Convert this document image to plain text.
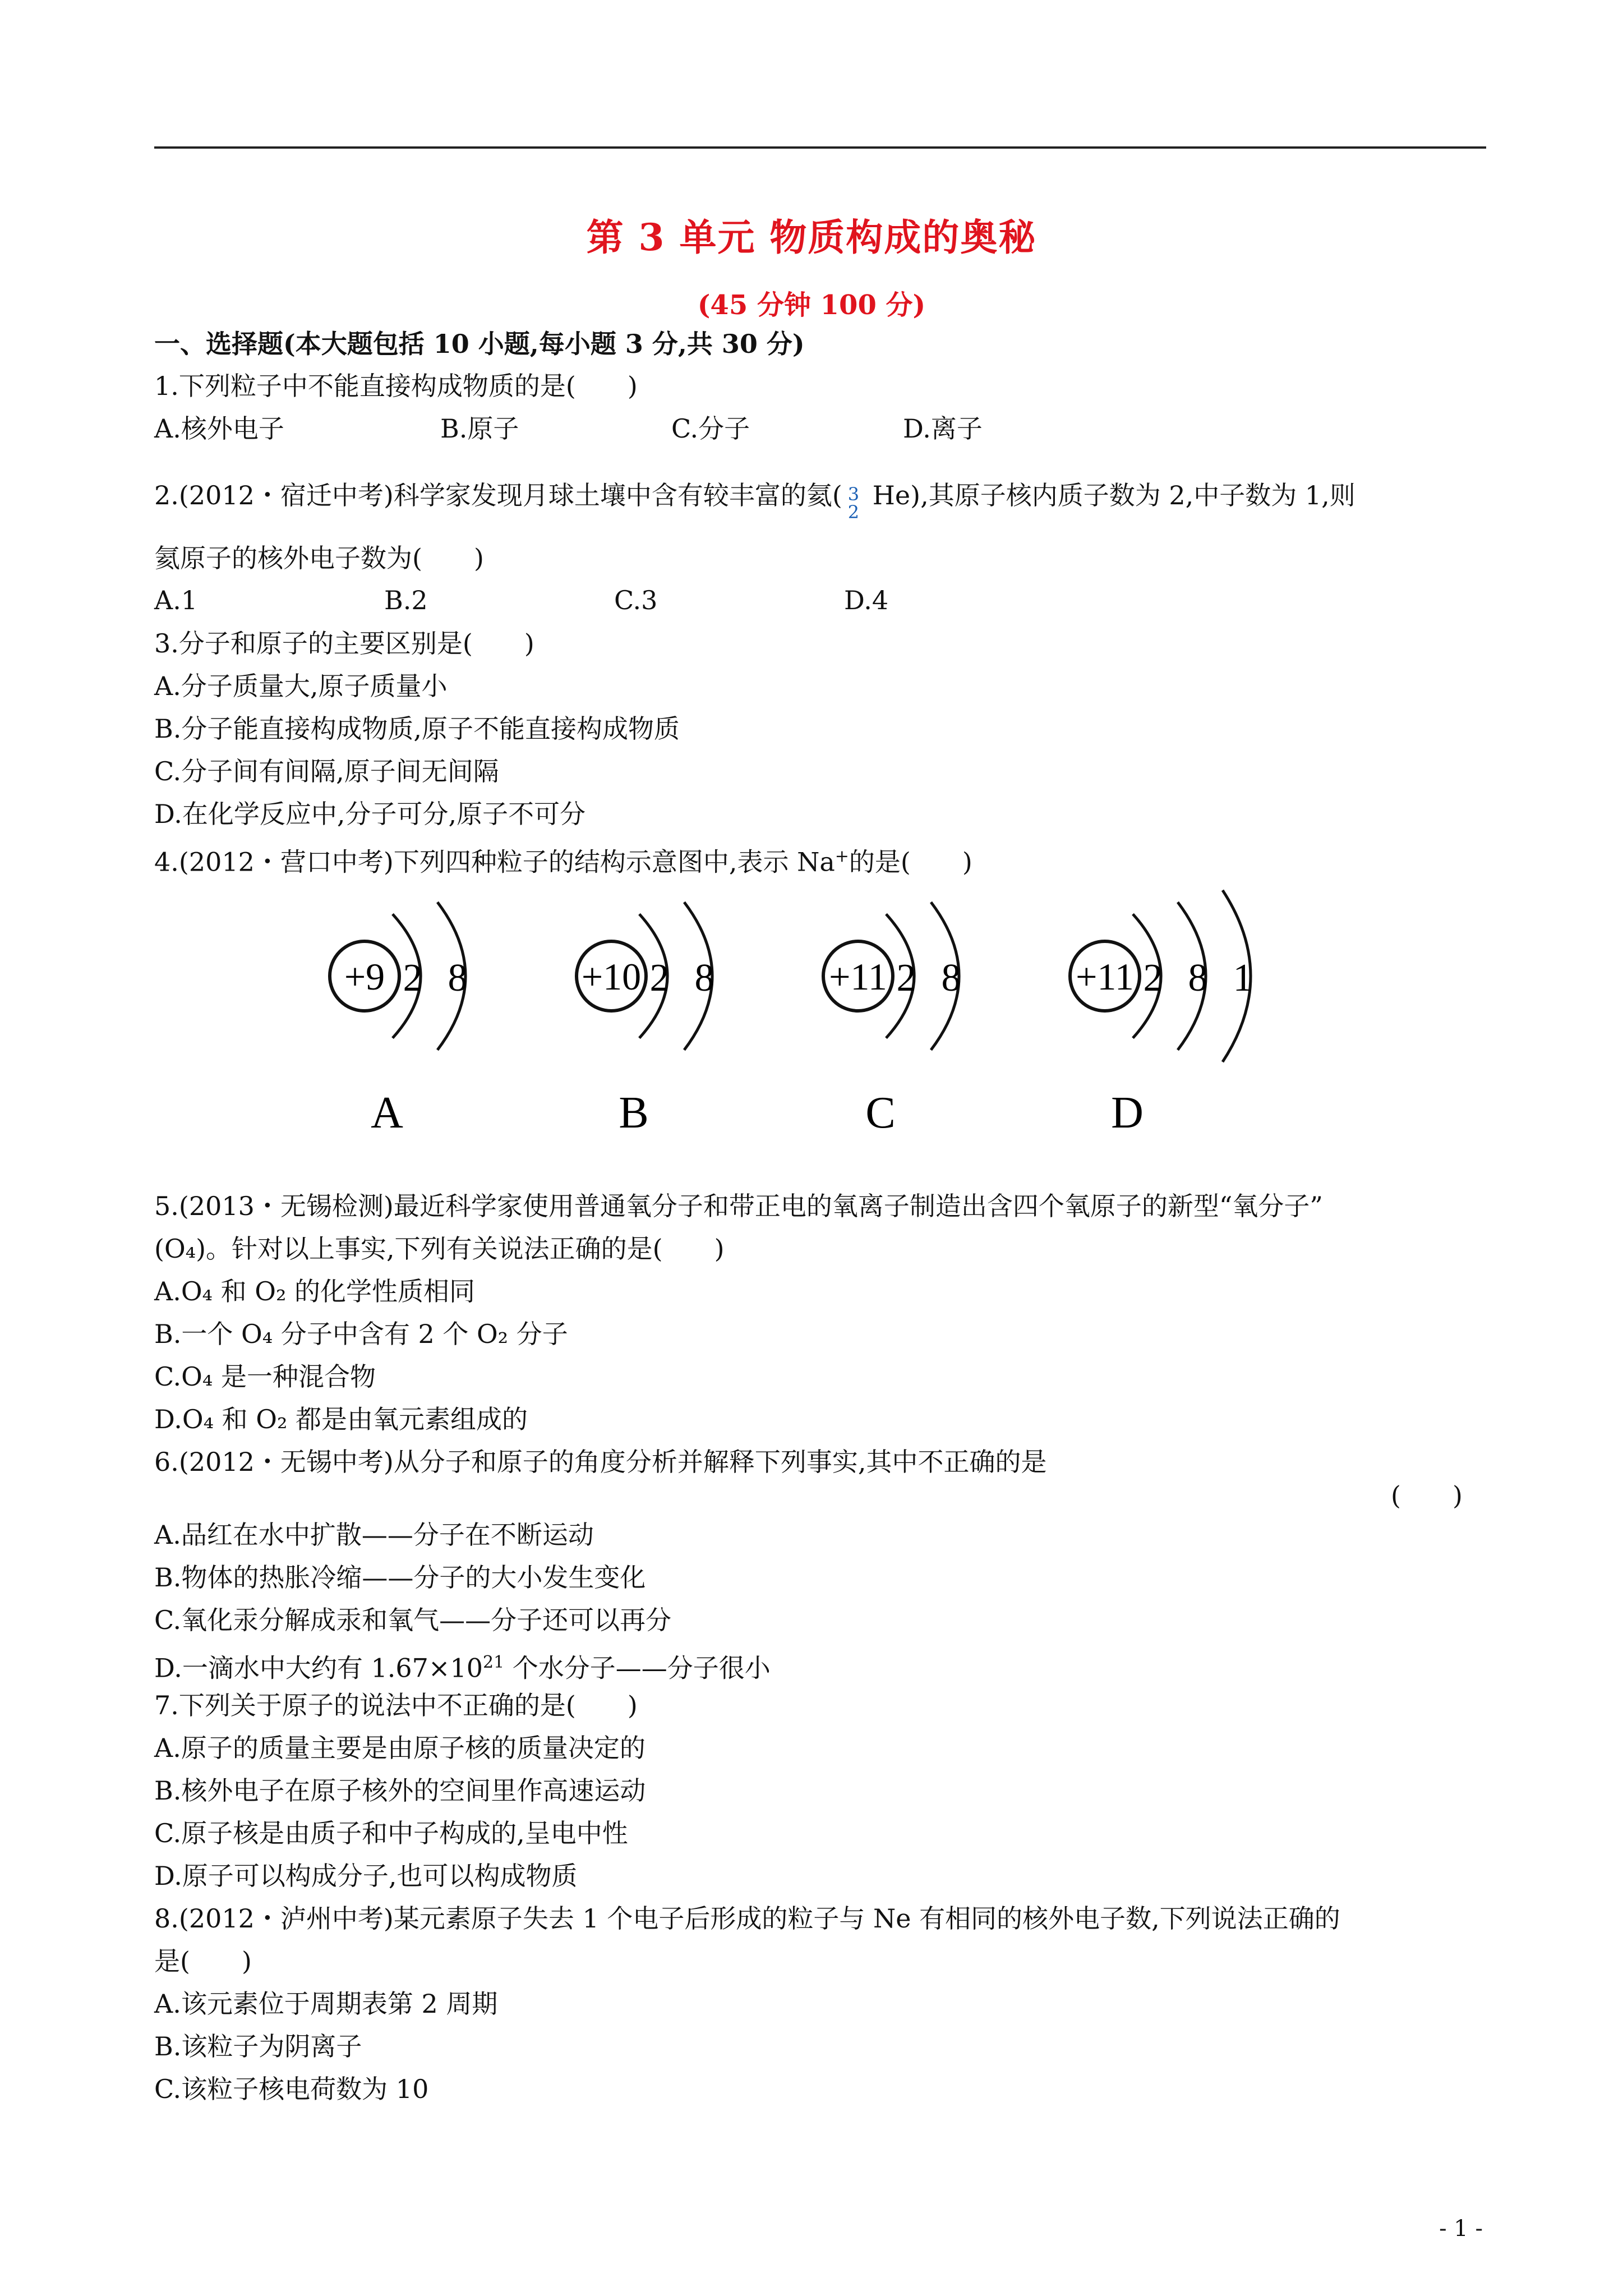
第 3 单元 物质构成的奥秘
(45 分钟 100 分)
一、选择题(本大题包括 10 小题,每小题 3 分,共 30 分)
1.下列粒子中不能直接构成物质的是(　　)
A.核外电子	B.原子	C.分子	D.离子
2.(2012・宿迁中考)科学家发现月球土壤中含有较丰富的氦( 3
2
He),其原子核内质子数为 2,中子数为 1,则
氦原子的核外电子数为(　　)
A.1	B.2	C.3	D.4
3.分子和原子的主要区别是(　　)
A.分子质量大,原子质量小
B.分子能直接构成物质,原子不能直接构成物质
C.分子间有间隔,原子间无间隔
D.在化学反应中,分子可分,原子不可分
4.(2012・营口中考)下列四种粒子的结构示意图中,表示 Na+的是(　　)
+9 2 8
A
+10 2 8
B
+11 2 8
C
+11 2 8 1
D
5.(2013・无锡检测)最近科学家使用普通氧分子和带正电的氧离子制造出含四个氧原子的新型“氧分子”
(O₄)。针对以上事实,下列有关说法正确的是(　　)
A.O₄ 和 O₂ 的化学性质相同
B.一个 O₄ 分子中含有 2 个 O₂ 分子
C.O₄ 是一种混合物
D.O₄ 和 O₂ 都是由氧元素组成的
6.(2012・无锡中考)从分子和原子的角度分析并解释下列事实,其中不正确的是
(　　)
A.品红在水中扩散——分子在不断运动
B.物体的热胀冷缩——分子的大小发生变化
C.氧化汞分解成汞和氧气——分子还可以再分
D.一滴水中大约有 $1.67\times 10^{21}$ 个水分子——分子很小
7.下列关于原子的说法中不正确的是(　　)
A.原子的质量主要是由原子核的质量决定的
B.核外电子在原子核外的空间里作高速运动
C.原子核是由质子和中子构成的,呈电中性
D.原子可以构成分子,也可以构成物质
8.(2012・泸州中考)某元素原子失去 1 个电子后形成的粒子与 Ne 有相同的核外电子数,下列说法正确的
是(　　)
A.该元素位于周期表第 2 周期
B.该粒子为阴离子
C.该粒子核电荷数为 10
- 1 -
